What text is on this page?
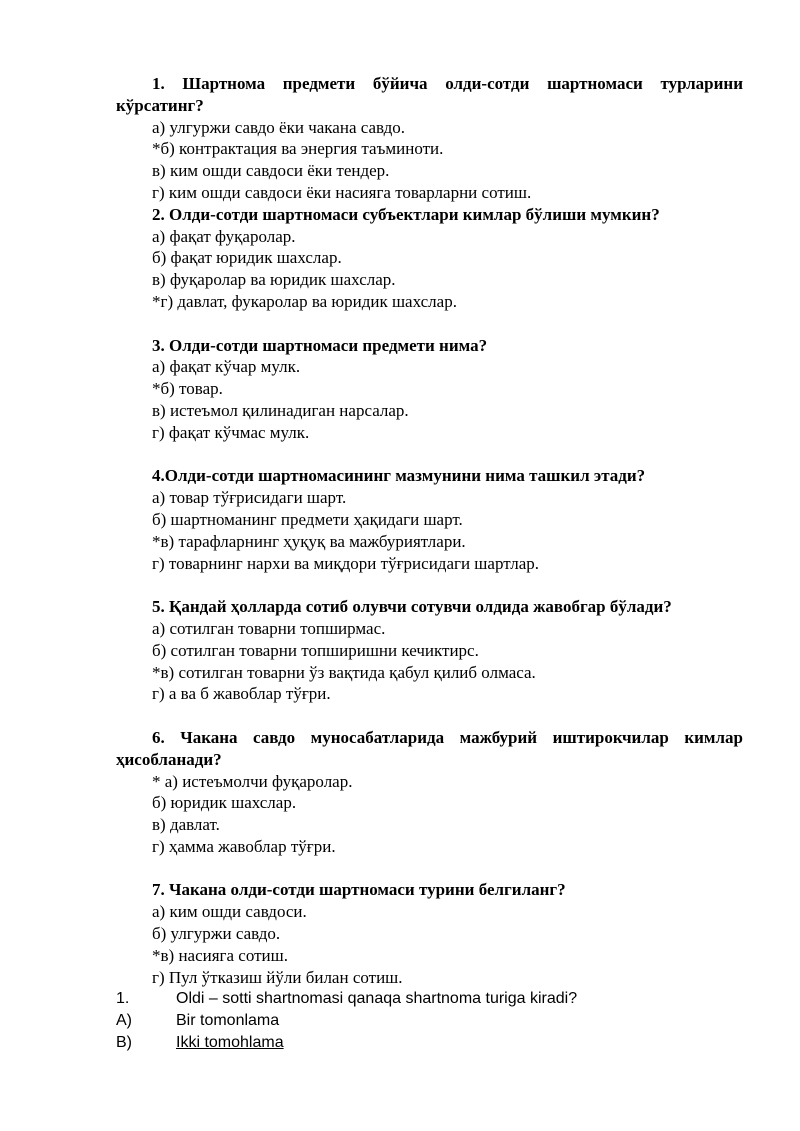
1. Шартнома предмети бўйича олди-сотди шартномаси турларини кўрсатинг?

а) улгуржи савдо ёки чакана савдо.

*б) контрактация ва энергия таъминоти.

в) ким ошди савдоси ёки тендер.

г) ким ошди савдоси ёки насияга товарларни сотиш.

2. Олди-сотди шартномаси субъектлари кимлар бўлиши мумкин?

а) фақат фуқаролар.

б) фақат юридик шахслар.

в) фуқаролар ва юридик шахслар.

*г) давлат, фукаролар ва юридик шахслар.

3. Олди-сотди шартномаси предмети нима?

а) фақат кўчар мулк.

*б) товар.

в) истеъмол қилинадиган нарсалар.

г) фақат кўчмас мулк.

4.Олди-сотди шартномасининг мазмунини нима ташкил этади?

а) товар тўғрисидаги шарт.

б) шартноманинг предмети ҳақидаги шарт.

*в) тарафларнинг ҳуқуқ ва мажбуриятлари.

г) товарнинг нархи ва миқдори тўғрисидаги шартлар.

5. Қандай ҳолларда сотиб олувчи сотувчи олдида жавобгар бўлади?

а) сотилган товарни топширмас.

б) сотилган товарни топширишни кечиктирс.

*в) сотилган товарни ўз вақтида қабул қилиб олмаса.

г) а ва б жавоблар тўғри.

6. Чакана савдо муносабатларида мажбурий иштирокчилар кимлар ҳисобланади?

* а) истеъмолчи фуқаролар.

б) юридик шахслар.

в) давлат.

г) ҳамма жавоблар тўғри.

7. Чакана олди-сотди шартномаси турини белгиланг?

а) ким ошди савдоси.

б) улгуржи савдо.

*в) насияга сотиш.

г) Пул ўтказиш йўли билан сотиш.

1.	Oldi – sotti shartnomasi qanaqa shartnoma turiga kiradi?

A)	Bir tomonlama

B)	Ikki tomohlama
